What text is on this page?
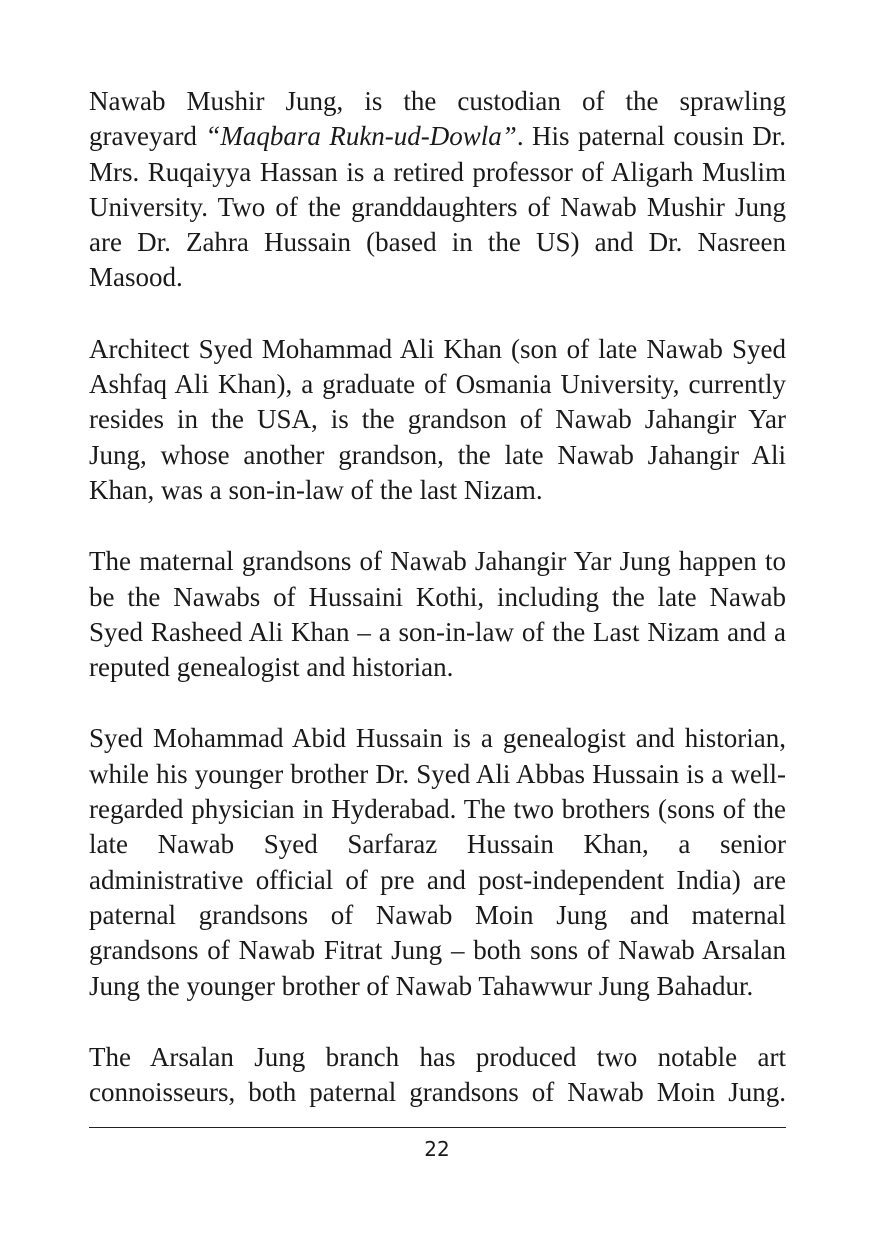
Nawab Mushir Jung, is the custodian of the sprawling graveyard “Maqbara Rukn-ud-Dowla”. His paternal cousin Dr. Mrs. Ruqaiyya Hassan is a retired professor of Aligarh Muslim University. Two of the granddaughters of Nawab Mushir Jung are Dr. Zahra Hussain (based in the US) and Dr. Nasreen Masood.

Architect Syed Mohammad Ali Khan (son of late Nawab Syed Ashfaq Ali Khan), a graduate of Osmania University, currently resides in the USA, is the grandson of Nawab Jahangir Yar Jung, whose another grandson, the late Nawab Jahangir Ali Khan, was a son-in-law of the last Nizam.

The maternal grandsons of Nawab Jahangir Yar Jung happen to be the Nawabs of Hussaini Kothi, including the late Nawab Syed Rasheed Ali Khan – a son-in-law of the Last Nizam and a reputed genealogist and historian.

Syed Mohammad Abid Hussain is a genealogist and historian, while his younger brother Dr. Syed Ali Abbas Hussain is a well-regarded physician in Hyderabad. The two brothers (sons of the late Nawab Syed Sarfaraz Hussain Khan, a senior administrative official of pre and post-independent India) are paternal grandsons of Nawab Moin Jung and maternal grandsons of Nawab Fitrat Jung – both sons of Nawab Arsalan Jung the younger brother of Nawab Tahawwur Jung Bahadur.

The Arsalan Jung branch has produced two notable art connoisseurs, both paternal grandsons of Nawab Moin Jung.

22
